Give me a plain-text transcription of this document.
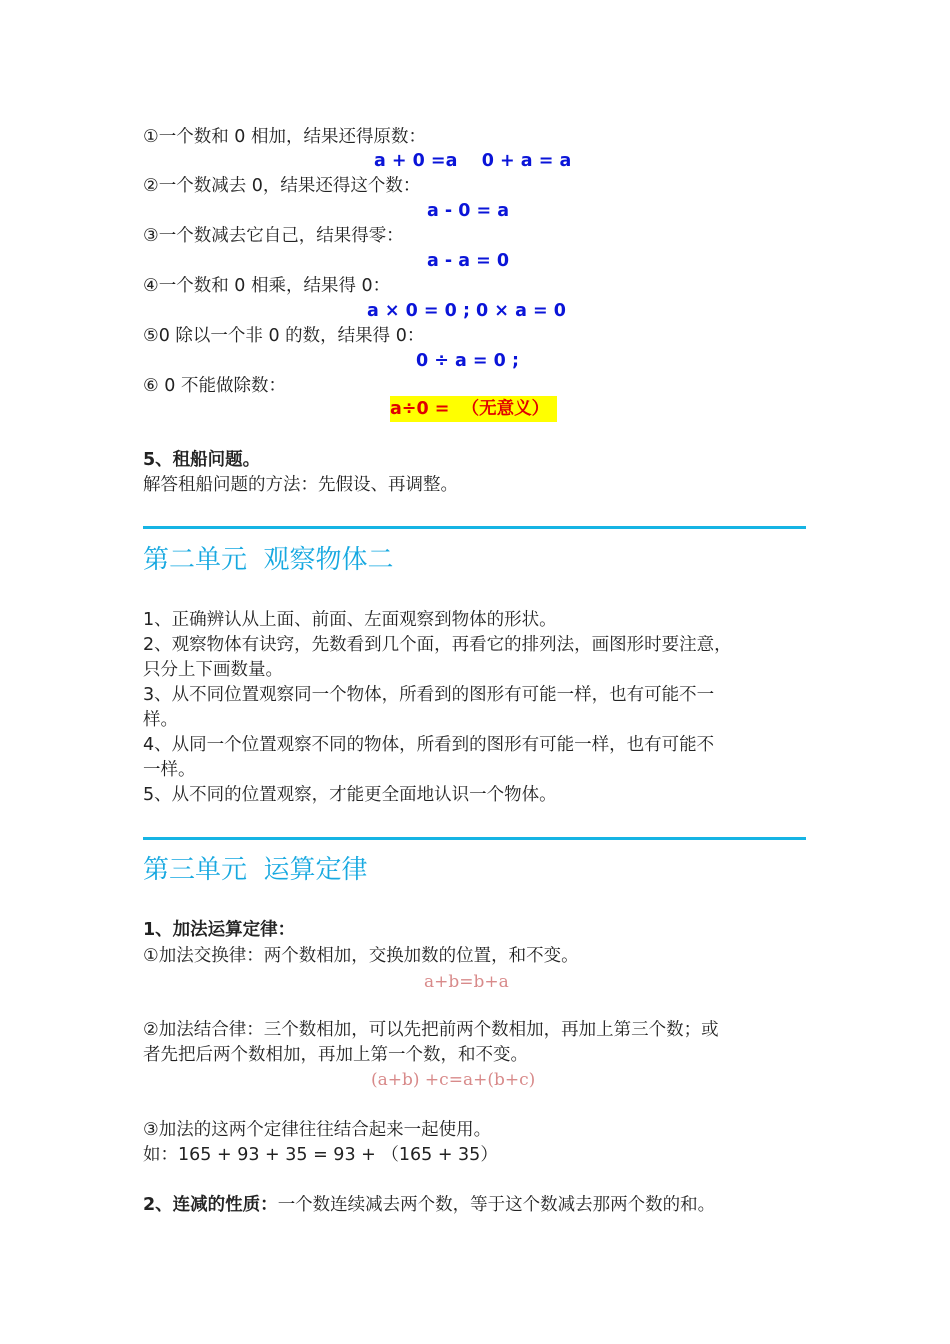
①一个数和 0 相加，结果还得原数：
a + 0 =a    0 + a = a
②一个数减去 0，结果还得这个数：
a - 0 = a
③一个数减去它自己，结果得零：
a - a = 0
④一个数和 0 相乘，结果得 0：
a × 0 = 0 ; 0 × a = 0
⑤0 除以一个非 0 的数，结果得 0：
0 ÷ a = 0 ;
⑥ 0 不能做除数：
a÷0 =  （无意义）
5、租船问题。
解答租船问题的方法：先假设、再调整。
第二单元  观察物体二
1、正确辨认从上面、前面、左面观察到物体的形状。
2、观察物体有诀窍，先数看到几个面，再看它的排列法，画图形时要注意，
只分上下画数量。
3、从不同位置观察同一个物体，所看到的图形有可能一样，也有可能不一
样。
4、从同一个位置观察不同的物体，所看到的图形有可能一样，也有可能不
一样。
5、从不同的位置观察，才能更全面地认识一个物体。
第三单元  运算定律
1、加法运算定律：
①加法交换律：两个数相加，交换加数的位置，和不变。
a+b=b+a
②加法结合律：三个数相加，可以先把前两个数相加，再加上第三个数；或
者先把后两个数相加，再加上第一个数，和不变。
(a+b) +c=a+(b+c)
③加法的这两个定律往往结合起来一起使用。
如：165 + 93 + 35 = 93 + （165 + 35）
2、连减的性质：一个数连续减去两个数，等于这个数减去那两个数的和。
